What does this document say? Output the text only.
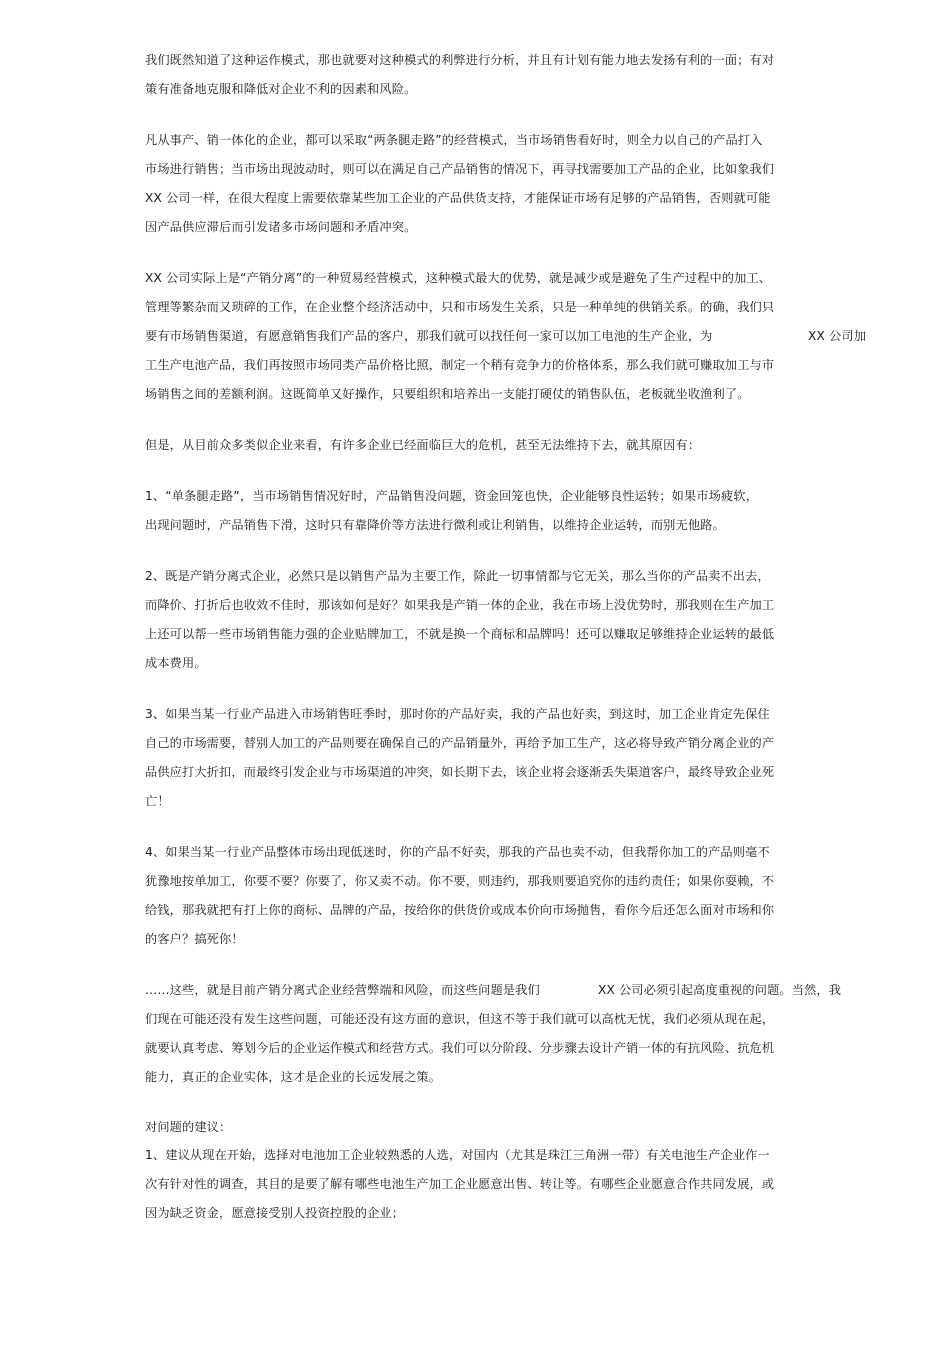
我们既然知道了这种运作模式，那也就要对这种模式的利弊进行分析，并且有计划有能力地去发扬有利的一面；有对
策有准备地克服和降低对企业不利的因素和风险。
凡从事产、销一体化的企业，都可以采取“两条腿走路”的经营模式，当市场销售看好时，则全力以自己的产品打入
市场进行销售；当市场出现波动时，则可以在满足自己产品销售的情况下，再寻找需要加工产品的企业，比如象我们
XX 公司一样，在很大程度上需要依靠某些加工企业的产品供货支持，才能保证市场有足够的产品销售，否则就可能
因产品供应滞后而引发诸多市场问题和矛盾冲突。
XX 公司实际上是“产销分离”的一种贸易经营模式，这种模式最大的优势，就是减少或是避免了生产过程中的加工、
管理等繁杂而又琐碎的工作，在企业整个经济活动中，只和市场发生关系，只是一种单纯的供销关系。的确，我们只
要有市场销售渠道，有愿意销售我们产品的客户，那我们就可以找任何一家可以加工电池的生产企业，为	XX 公司加
工生产电池产品，我们再按照市场同类产品价格比照，制定一个稍有竞争力的价格体系，那么我们就可赚取加工与市
场销售之间的差额利润。这既简单又好操作，只要组织和培养出一支能打硬仗的销售队伍，老板就坐收渔利了。
但是，从目前众多类似企业来看，有许多企业已经面临巨大的危机，甚至无法维持下去，就其原因有：
1、“单条腿走路”，当市场销售情况好时，产品销售没问题，资金回笼也快，企业能够良性运转；如果市场疲软，
出现问题时，产品销售下滑，这时只有靠降价等方法进行微利或让利销售，以维持企业运转，而别无他路。
2、既是产销分离式企业，必然只是以销售产品为主要工作，除此一切事情都与它无关，那么当你的产品卖不出去，
而降价、打折后也收效不佳时，那该如何是好？如果我是产销一体的企业，我在市场上没优势时，那我则在生产加工
上还可以帮一些市场销售能力强的企业贴牌加工，不就是换一个商标和品牌吗！还可以赚取足够维持企业运转的最低
成本费用。
3、如果当某一行业产品进入市场销售旺季时，那时你的产品好卖，我的产品也好卖，到这时，加工企业肯定先保住
自己的市场需要，替别人加工的产品则要在确保自己的产品销量外，再给予加工生产，这必将导致产销分离企业的产
品供应打大折扣，而最终引发企业与市场渠道的冲突，如长期下去，该企业将会逐渐丢失渠道客户，最终导致企业死
亡！
4、如果当某一行业产品整体市场出现低迷时，你的产品不好卖，那我的产品也卖不动，但我帮你加工的产品则毫不
犹豫地按单加工，你要不要？你要了，你又卖不动。你不要，则违约，那我则要追究你的违约责任；如果你耍赖，不
给钱，那我就把有打上你的商标、品牌的产品，按给你的供货价或成本价向市场抛售，看你今后还怎么面对市场和你
的客户？搞死你！
……这些，就是目前产销分离式企业经营弊端和风险，而这些问题是我们	XX 公司必须引起高度重视的问题。当然，我
们现在可能还没有发生这些问题，可能还没有这方面的意识，但这不等于我们就可以高枕无忧，我们必须从现在起，
就要认真考虑、筹划今后的企业运作模式和经营方式。我们可以分阶段、分步骤去设计产销一体的有抗风险、抗危机
能力，真正的企业实体，这才是企业的长远发展之策。
对问题的建议：
1、建议从现在开始，选择对电池加工企业较熟悉的人选，对国内（尤其是珠江三角洲一带）有关电池生产企业作一
次有针对性的调查，其目的是要了解有哪些电池生产加工企业愿意出售、转让等。有哪些企业愿意合作共同发展，或
因为缺乏资金，愿意接受别人投资控股的企业；
